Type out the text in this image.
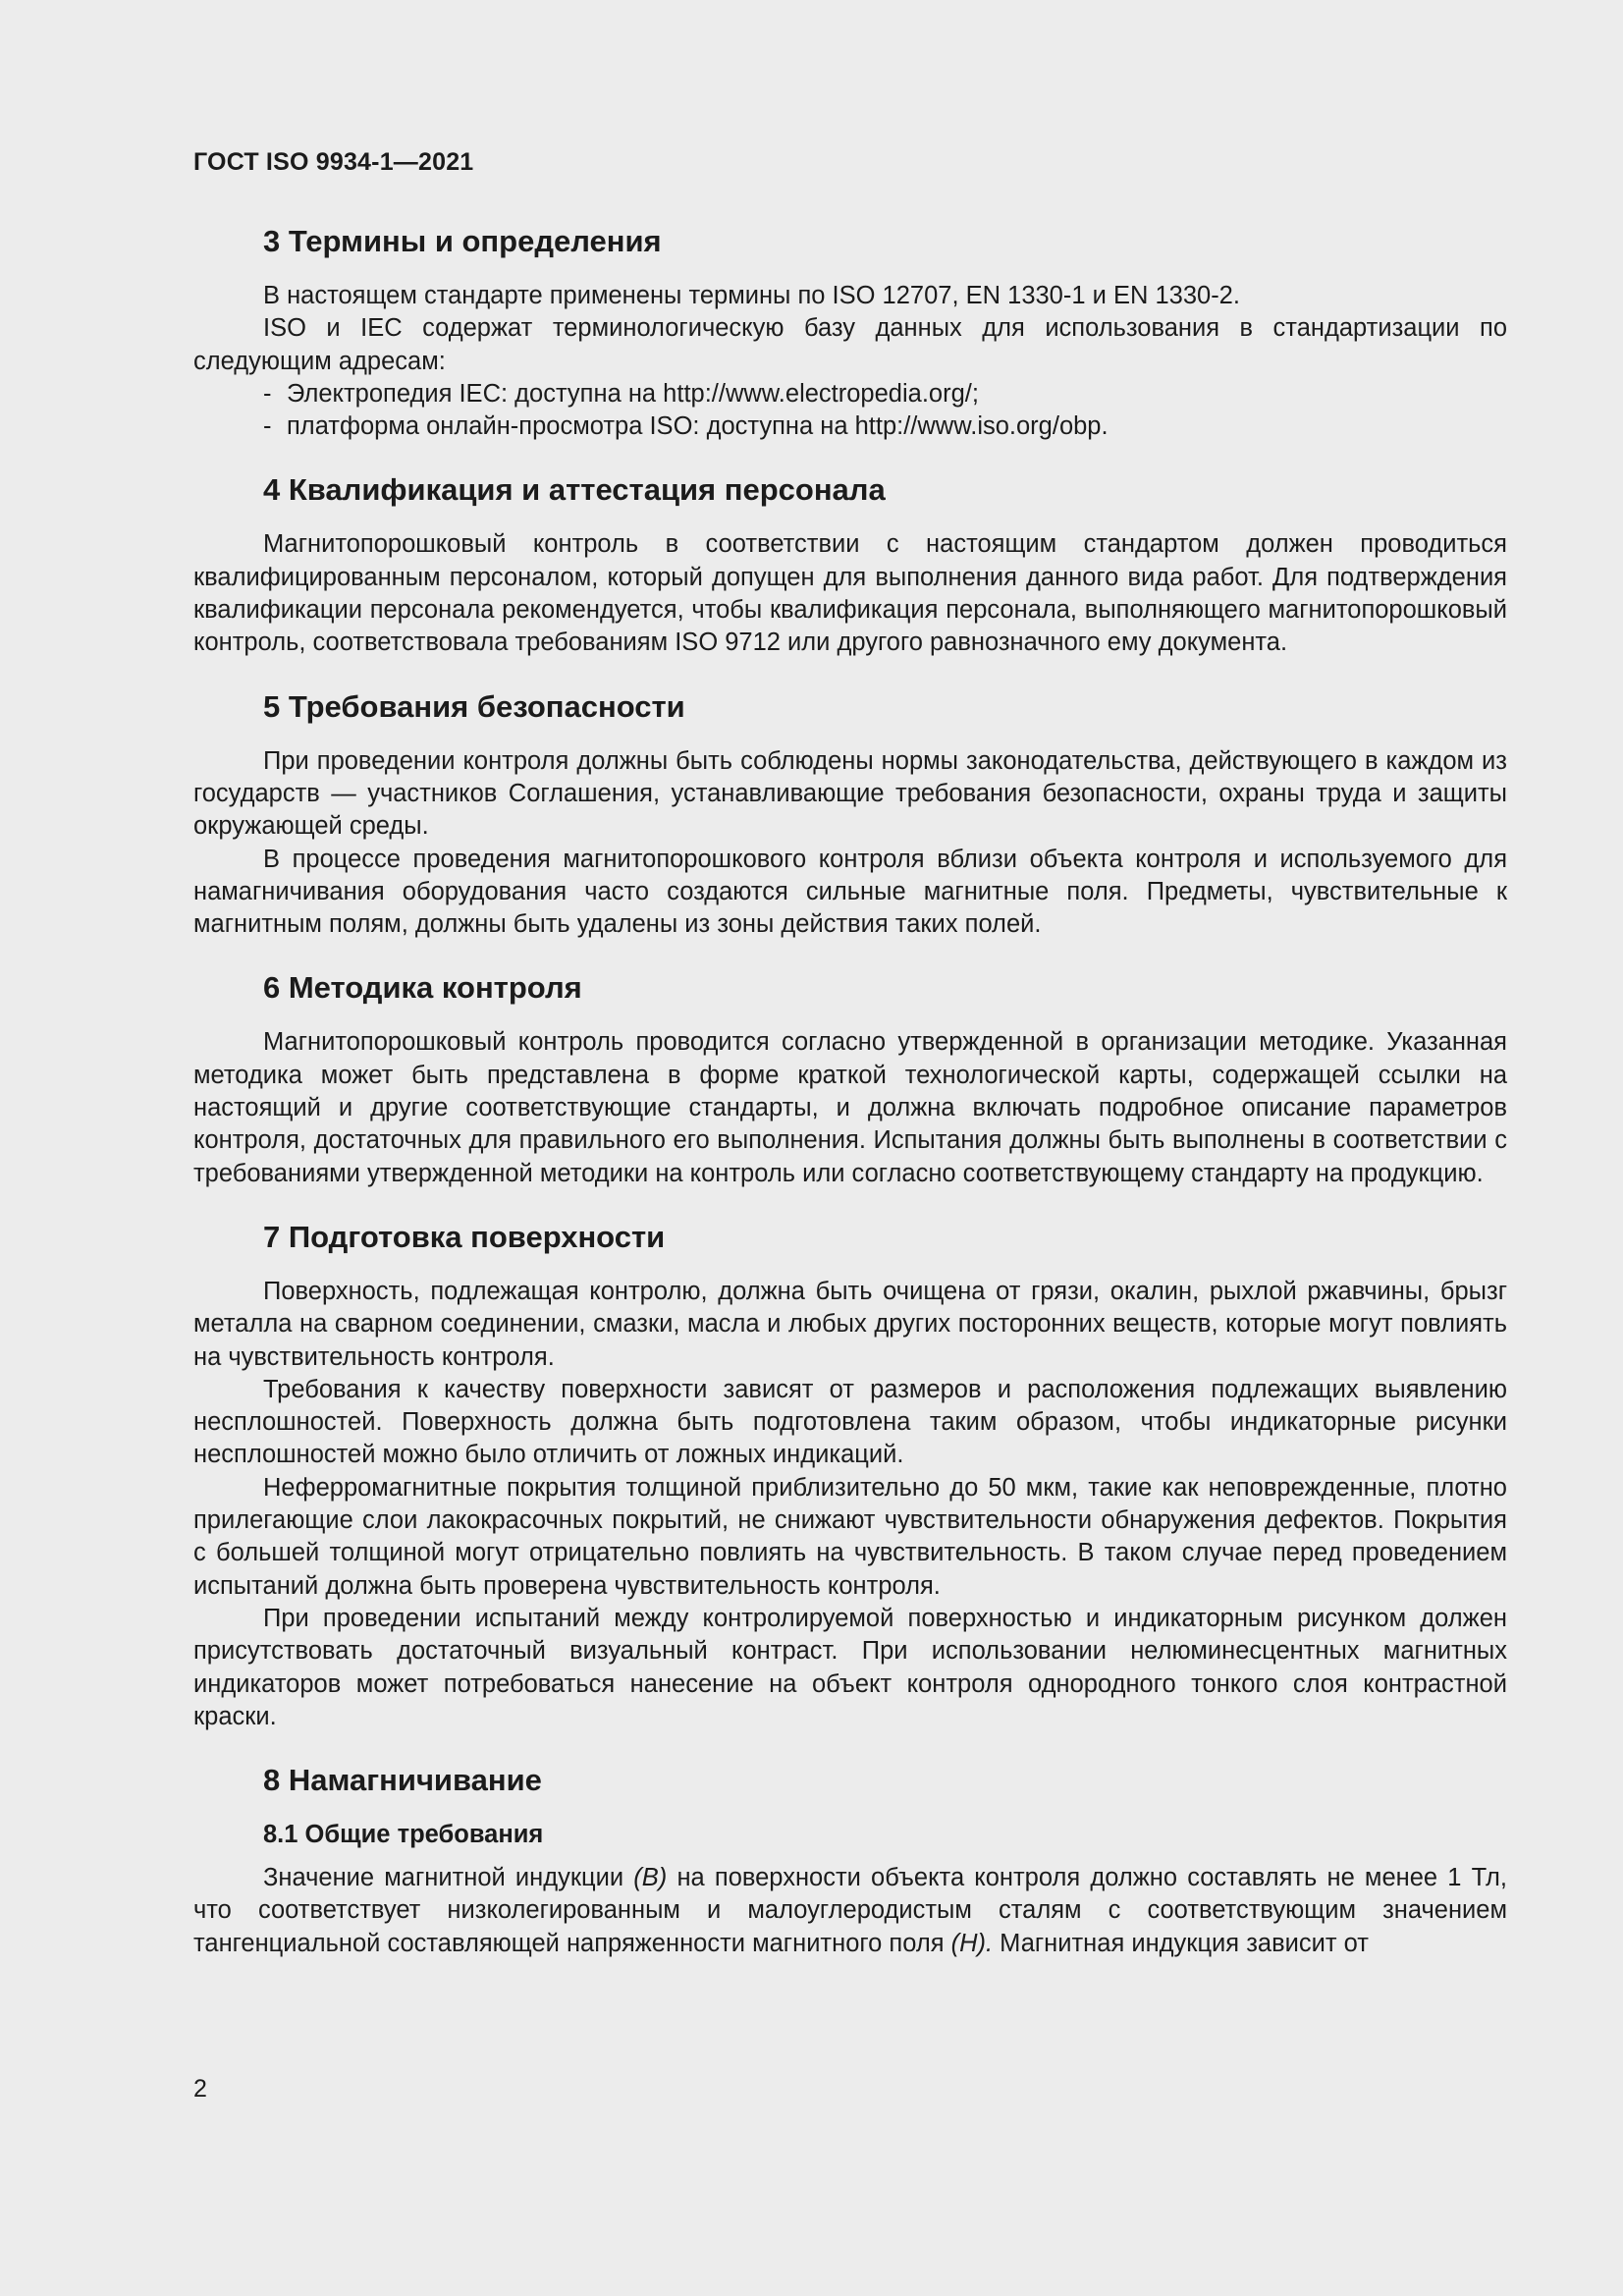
ГОСТ ISO 9934-1—2021
3 Термины и определения

В настоящем стандарте применены термины по ISO 12707, EN 1330-1 и EN 1330-2.

ISO и IEC содержат терминологическую базу данных для использования в стандартизации по следующим адресам:

- Электропедия IEC: доступна на http://www.electropedia.org/;
- платформа онлайн-просмотра ISO: доступна на http://www.iso.org/obp.
4 Квалификация и аттестация персонала

Магнитопорошковый контроль в соответствии с настоящим стандартом должен проводиться квалифицированным персоналом, который допущен для выполнения данного вида работ. Для подтверждения квалификации персонала рекомендуется, чтобы квалификация персонала, выполняющего магнитопорошковый контроль, соответствовала требованиям ISO 9712 или другого равнозначного ему документа.

5 Требования безопасности

При проведении контроля должны быть соблюдены нормы законодательства, действующего в каждом из государств — участников Соглашения, устанавливающие требования безопасности, охраны труда и защиты окружающей среды.

В процессе проведения магнитопорошкового контроля вблизи объекта контроля и используемого для намагничивания оборудования часто создаются сильные магнитные поля. Предметы, чувствительные к магнитным полям, должны быть удалены из зоны действия таких полей.

6 Методика контроля

Магнитопорошковый контроль проводится согласно утвержденной в организации методике. Указанная методика может быть представлена в форме краткой технологической карты, содержащей ссылки на настоящий и другие соответствующие стандарты, и должна включать подробное описание параметров контроля, достаточных для правильного его выполнения. Испытания должны быть выполнены в соответствии с требованиями утвержденной методики на контроль или согласно соответствующему стандарту на продукцию.

7 Подготовка поверхности

Поверхность, подлежащая контролю, должна быть очищена от грязи, окалин, рыхлой ржавчины, брызг металла на сварном соединении, смазки, масла и любых других посторонних веществ, которые могут повлиять на чувствительность контроля.

Требования к качеству поверхности зависят от размеров и расположения подлежащих выявлению несплошностей. Поверхность должна быть подготовлена таким образом, чтобы индикаторные рисунки несплошностей можно было отличить от ложных индикаций.

Неферромагнитные покрытия толщиной приблизительно до 50 мкм, такие как неповрежденные, плотно прилегающие слои лакокрасочных покрытий, не снижают чувствительности обнаружения дефектов. Покрытия с большей толщиной могут отрицательно повлиять на чувствительность. В таком случае перед проведением испытаний должна быть проверена чувствительность контроля.

При проведении испытаний между контролируемой поверхностью и индикаторным рисунком должен присутствовать достаточный визуальный контраст. При использовании нелюминесцентных магнитных индикаторов может потребоваться нанесение на объект контроля однородного тонкого слоя контрастной краски.

8 Намагничивание
8.1 Общие требования

Значение магнитной индукции (B) на поверхности объекта контроля должно составлять не менее 1 Тл, что соответствует низколегированным и малоуглеродистым сталям с соответствующим значением тангенциальной составляющей напряженности магнитного поля (H). Магнитная индукция зависит от

2
